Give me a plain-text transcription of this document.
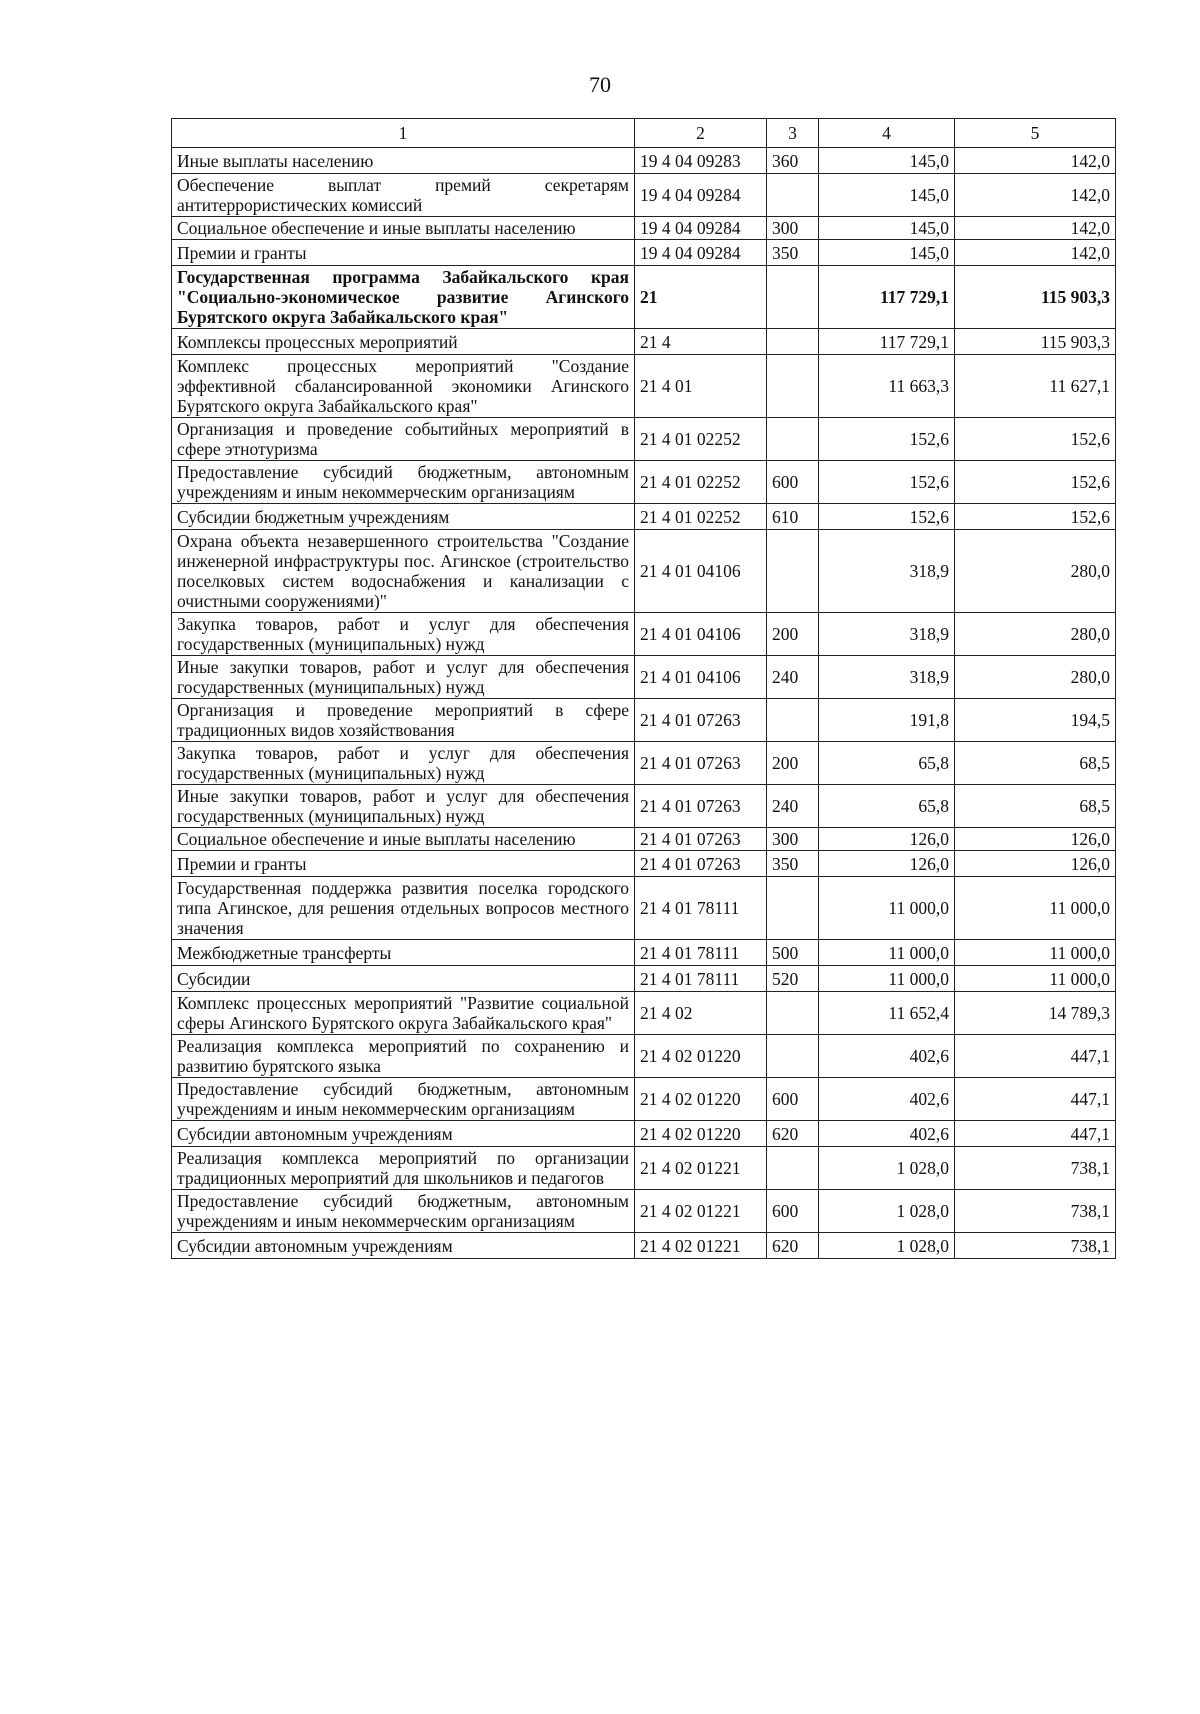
70
1	2	3	4	5
Иные выплаты населению	19 4 04 09283	360	145,0	142,0
Обеспечение выплат премий секретарям антитеррористических комиссий	19 4 04 09284		145,0	142,0
Социальное обеспечение и иные выплаты населению	19 4 04 09284	300	145,0	142,0
Премии и гранты	19 4 04 09284	350	145,0	142,0
Государственная программа Забайкальского края "Социально-экономическое развитие Агинского Бурятского округа Забайкальского края"	21		117 729,1	115 903,3
Комплексы процессных мероприятий	21 4		117 729,1	115 903,3
Комплекс процессных мероприятий "Создание эффективной сбалансированной экономики Агинского Бурятского округа Забайкальского края"	21 4 01		11 663,3	11 627,1
Организация и проведение событийных мероприятий в сфере этнотуризма	21 4 01 02252		152,6	152,6
Предоставление субсидий бюджетным, автономным учреждениям и иным некоммерческим организациям	21 4 01 02252	600	152,6	152,6
Субсидии бюджетным учреждениям	21 4 01 02252	610	152,6	152,6
Охрана объекта незавершенного строительства "Создание инженерной инфраструктуры пос. Агинское (строительство поселковых систем водоснабжения и канализации с очистными сооружениями)"	21 4 01 04106		318,9	280,0
Закупка товаров, работ и услуг для обеспечения государственных (муниципальных) нужд	21 4 01 04106	200	318,9	280,0
Иные закупки товаров, работ и услуг для обеспечения государственных (муниципальных) нужд	21 4 01 04106	240	318,9	280,0
Организация и проведение мероприятий в сфере традиционных видов хозяйствования	21 4 01 07263		191,8	194,5
Закупка товаров, работ и услуг для обеспечения государственных (муниципальных) нужд	21 4 01 07263	200	65,8	68,5
Иные закупки товаров, работ и услуг для обеспечения государственных (муниципальных) нужд	21 4 01 07263	240	65,8	68,5
Социальное обеспечение и иные выплаты населению	21 4 01 07263	300	126,0	126,0
Премии и гранты	21 4 01 07263	350	126,0	126,0
Государственная поддержка развития поселка городского типа Агинское, для решения отдельных вопросов местного значения	21 4 01 78111		11 000,0	11 000,0
Межбюджетные трансферты	21 4 01 78111	500	11 000,0	11 000,0
Субсидии	21 4 01 78111	520	11 000,0	11 000,0
Комплекс процессных мероприятий "Развитие социальной сферы Агинского Бурятского округа Забайкальского края"	21 4 02		11 652,4	14 789,3
Реализация комплекса мероприятий по сохранению и развитию бурятского языка	21 4 02 01220		402,6	447,1
Предоставление субсидий бюджетным, автономным учреждениям и иным некоммерческим организациям	21 4 02 01220	600	402,6	447,1
Субсидии автономным учреждениям	21 4 02 01220	620	402,6	447,1
Реализация комплекса мероприятий по организации традиционных мероприятий для школьников и педагогов	21 4 02 01221		1 028,0	738,1
Предоставление субсидий бюджетным, автономным учреждениям и иным некоммерческим организациям	21 4 02 01221	600	1 028,0	738,1
Субсидии автономным учреждениям	21 4 02 01221	620	1 028,0	738,1
